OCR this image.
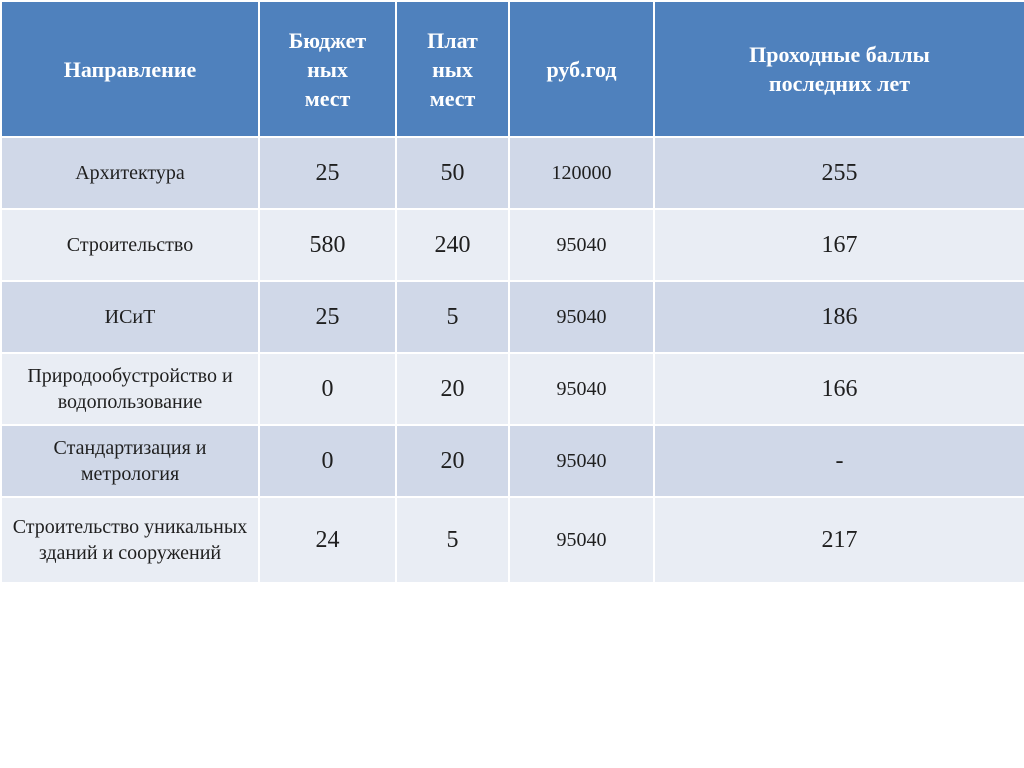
Направление	Бюджет
ных
мест	Плат
ных
мест	руб.год	Проходные баллы
последних лет
Архитектура	25	50	120000	255
Строительство	580	240	95040	167
ИСиТ	25	5	95040	186
Природообустройство и водопользование	0	20	95040	166
Стандартизация и метрология	0	20	95040	-
Строительство уникальных зданий и сооружений	24	5	95040	217
